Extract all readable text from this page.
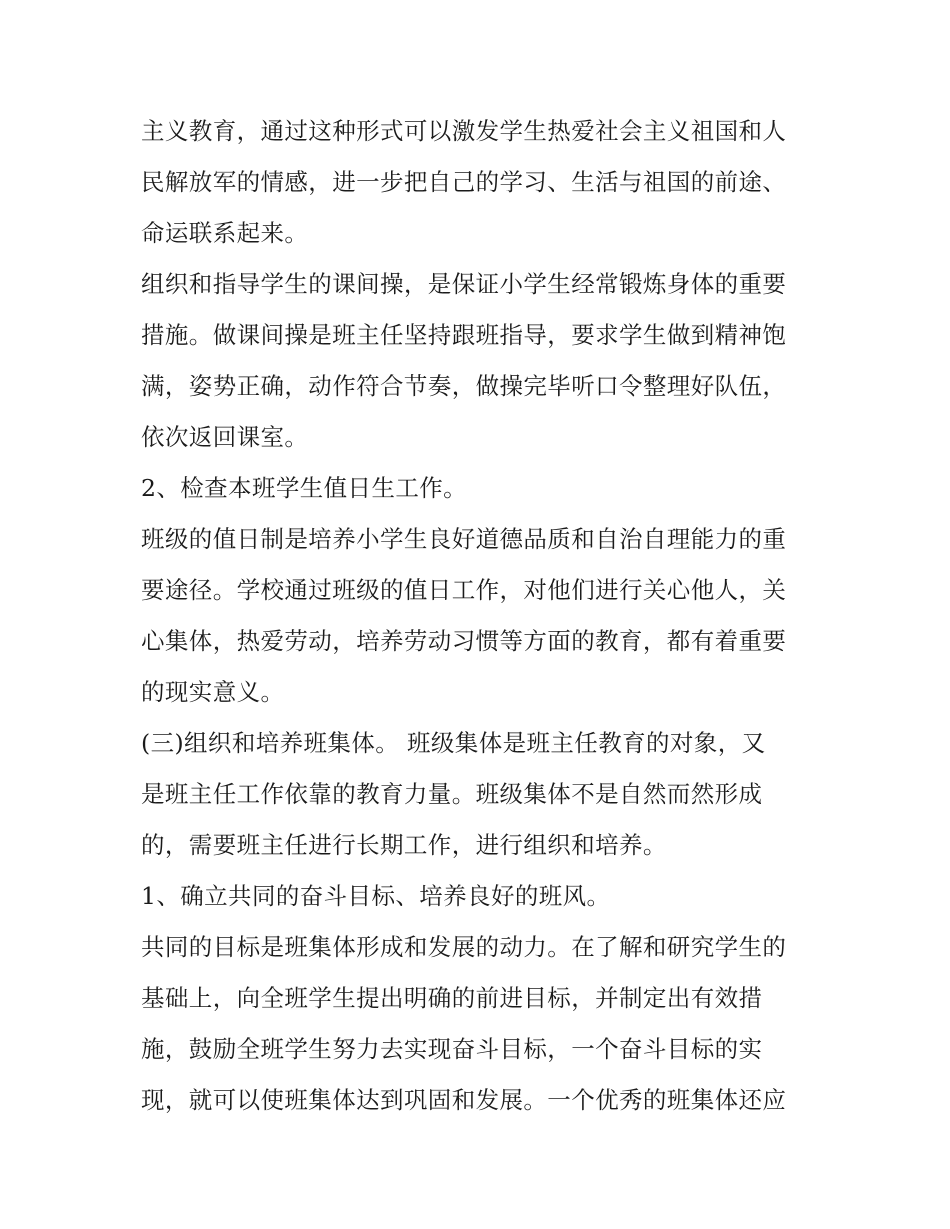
主义教育，通过这种形式可以激发学生热爱社会主义祖国和人
民解放军的情感，进一步把自己的学习、生活与祖国的前途、
命运联系起来。
组织和指导学生的课间操，是保证小学生经常锻炼身体的重要
措施。做课间操是班主任坚持跟班指导，要求学生做到精神饱
满，姿势正确，动作符合节奏，做操完毕听口令整理好队伍，
依次返回课室。
2、检查本班学生值日生工作。
班级的值日制是培养小学生良好道德品质和自治自理能力的重
要途径。学校通过班级的值日工作，对他们进行关心他人，关
心集体，热爱劳动，培养劳动习惯等方面的教育，都有着重要
的现实意义。
(三)组织和培养班集体。 班级集体是班主任教育的对象，又
是班主任工作依靠的教育力量。班级集体不是自然而然形成
的，需要班主任进行长期工作，进行组织和培养。
1、确立共同的奋斗目标、培养良好的班风。
共同的目标是班集体形成和发展的动力。在了解和研究学生的
基础上，向全班学生提出明确的前进目标，并制定出有效措
施，鼓励全班学生努力去实现奋斗目标，一个奋斗目标的实
现，就可以使班集体达到巩固和发展。一个优秀的班集体还应
